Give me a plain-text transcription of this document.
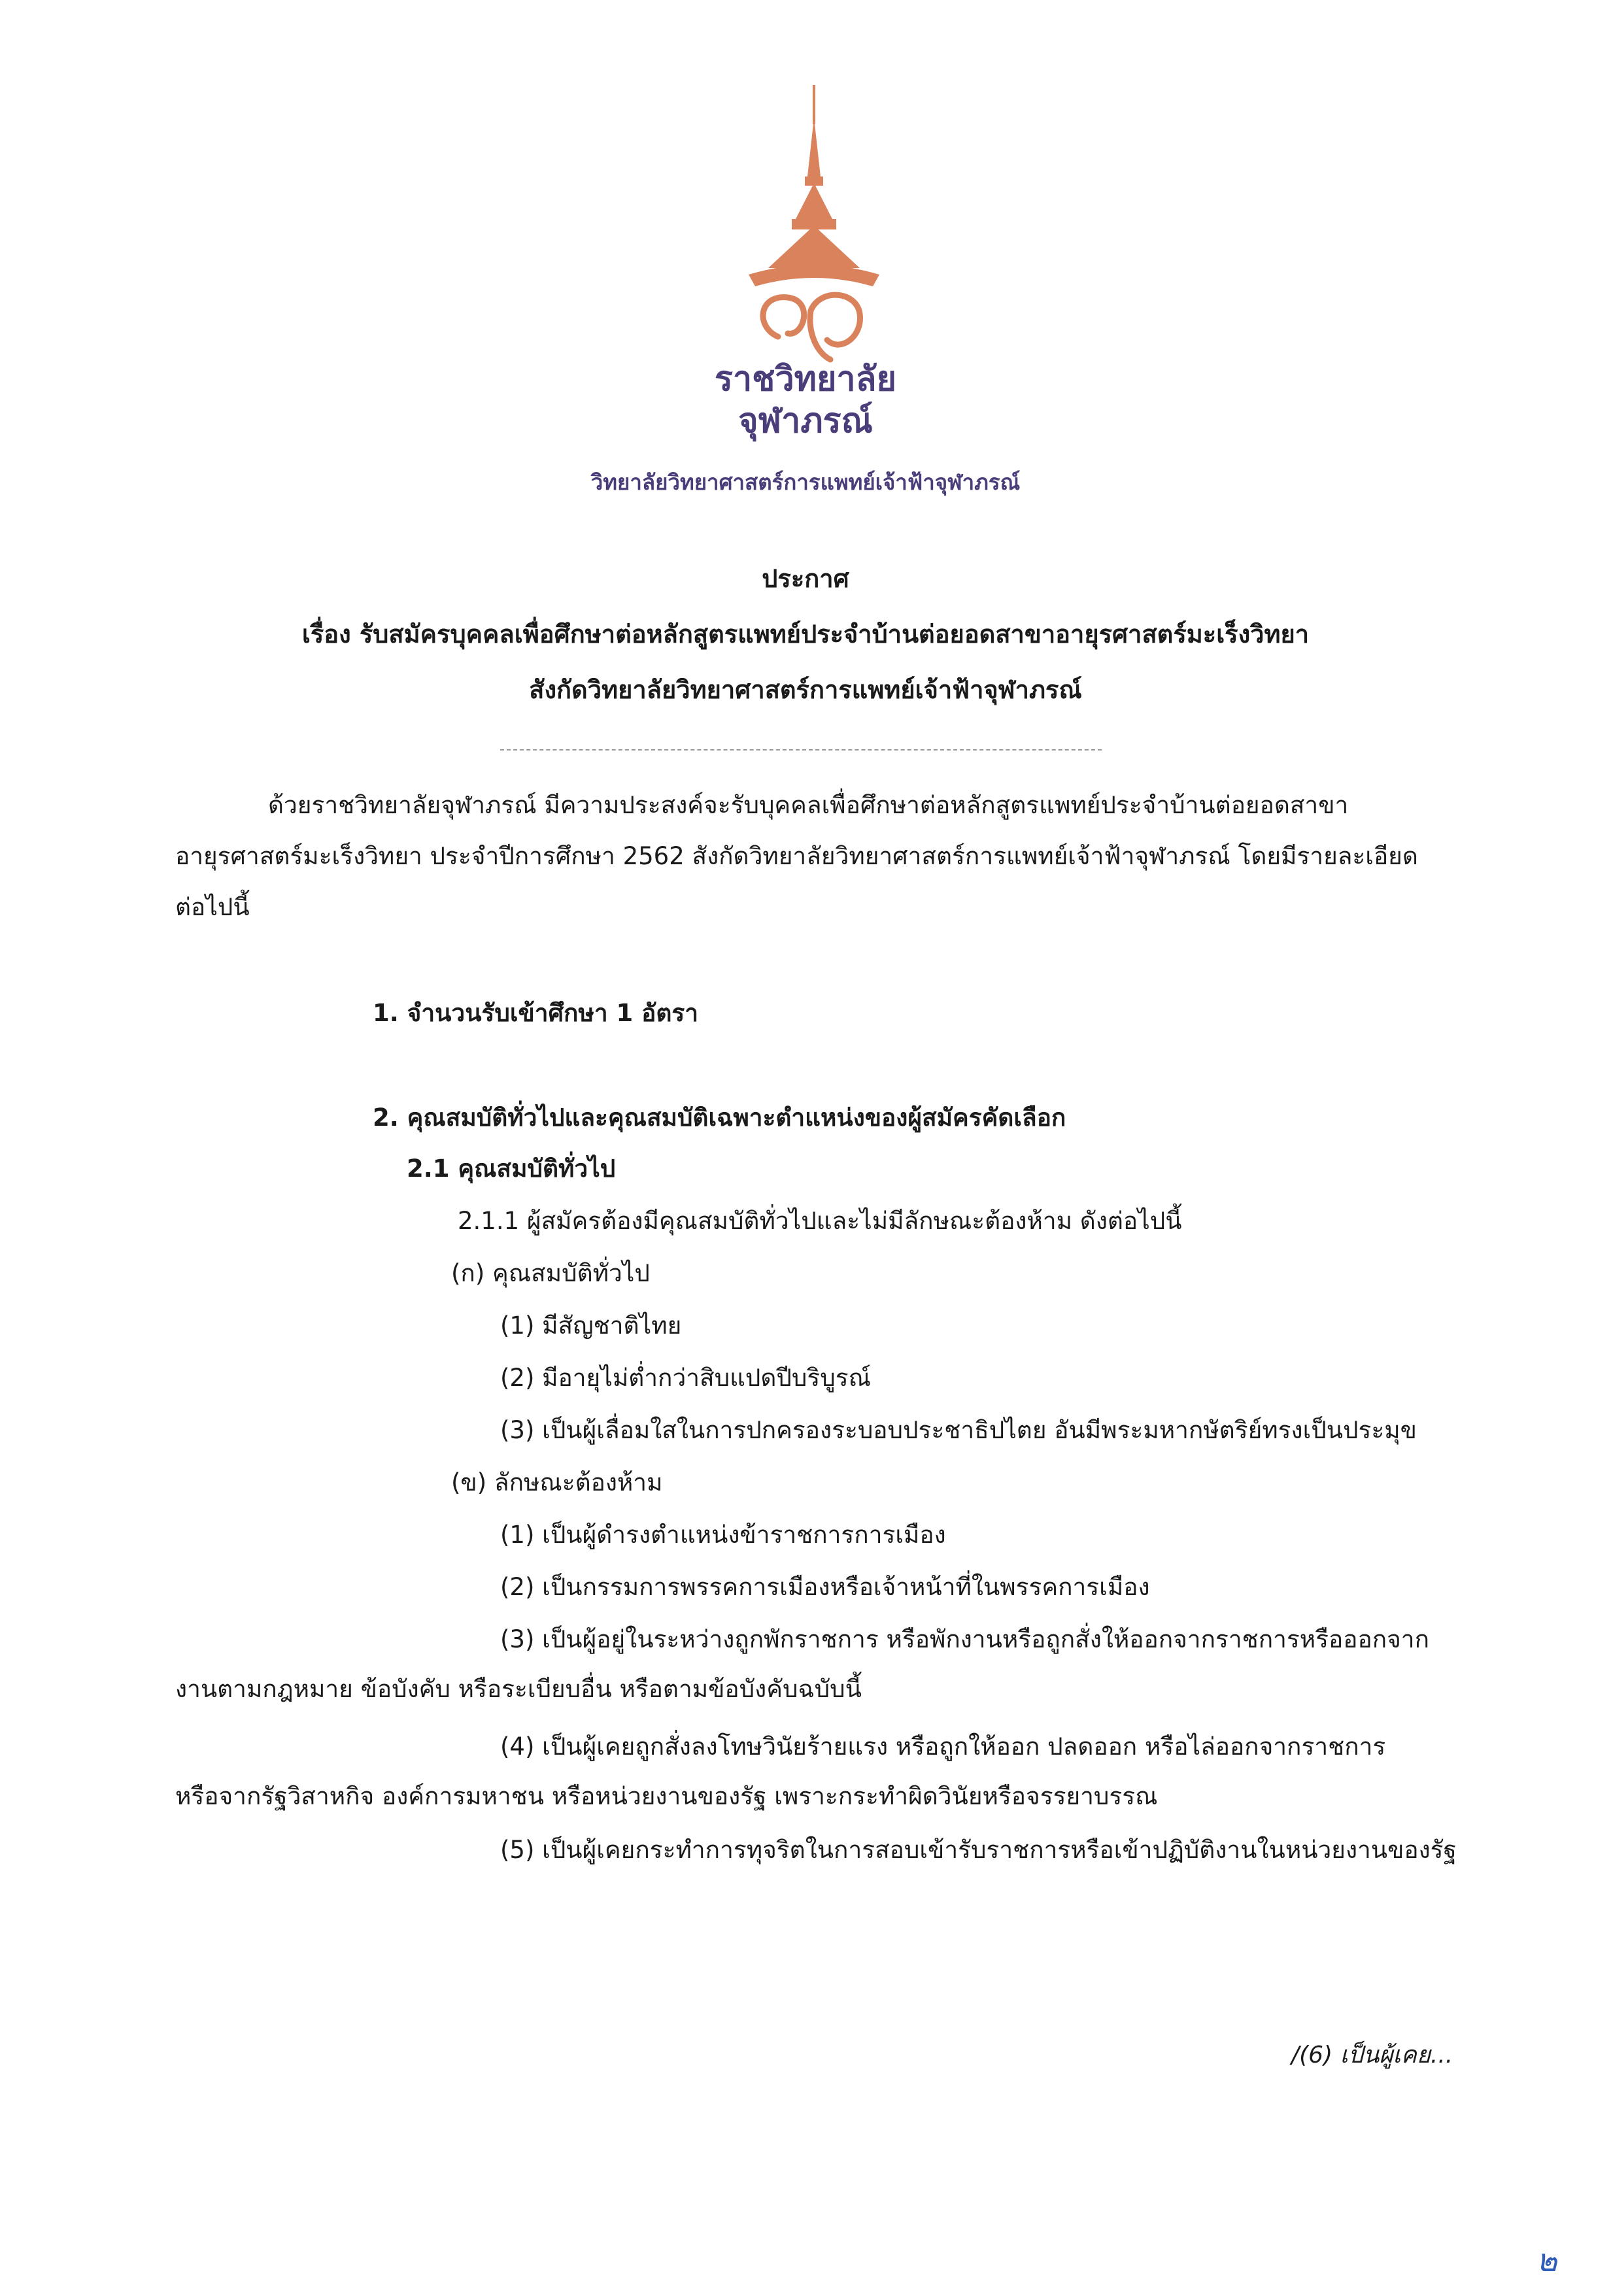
ราชวิทยาลัย
จุฬาภรณ์
วิทยาลัยวิทยาศาสตร์การแพทย์เจ้าฟ้าจุฬาภรณ์
ประกาศ
เรื่อง รับสมัครบุคคลเพื่อศึกษาต่อหลักสูตรแพทย์ประจำบ้านต่อยอดสาขาอายุรศาสตร์มะเร็งวิทยา
สังกัดวิทยาลัยวิทยาศาสตร์การแพทย์เจ้าฟ้าจุฬาภรณ์
ด้วยราชวิทยาลัยจุฬาภรณ์ มีความประสงค์จะรับบุคคลเพื่อศึกษาต่อหลักสูตรแพทย์ประจำบ้านต่อยอดสาขา
อายุรศาสตร์มะเร็งวิทยา ประจำปีการศึกษา 2562 สังกัดวิทยาลัยวิทยาศาสตร์การแพทย์เจ้าฟ้าจุฬาภรณ์ โดยมีรายละเอียด
ต่อไปนี้
1. จำนวนรับเข้าศึกษา 1 อัตรา
2. คุณสมบัติทั่วไปและคุณสมบัติเฉพาะตำแหน่งของผู้สมัครคัดเลือก
2.1 คุณสมบัติทั่วไป
2.1.1 ผู้สมัครต้องมีคุณสมบัติทั่วไปและไม่มีลักษณะต้องห้าม ดังต่อไปนี้
(ก) คุณสมบัติทั่วไป
(1) มีสัญชาติไทย
(2) มีอายุไม่ต่ำกว่าสิบแปดปีบริบูรณ์
(3) เป็นผู้เลื่อมใสในการปกครองระบอบประชาธิปไตย อันมีพระมหากษัตริย์ทรงเป็นประมุข
(ข) ลักษณะต้องห้าม
(1) เป็นผู้ดำรงตำแหน่งข้าราชการการเมือง
(2) เป็นกรรมการพรรคการเมืองหรือเจ้าหน้าที่ในพรรคการเมือง
(3) เป็นผู้อยู่ในระหว่างถูกพักราชการ หรือพักงานหรือถูกสั่งให้ออกจากราชการหรือออกจาก
งานตามกฎหมาย ข้อบังคับ หรือระเบียบอื่น หรือตามข้อบังคับฉบับนี้
(4) เป็นผู้เคยถูกสั่งลงโทษวินัยร้ายแรง หรือถูกให้ออก ปลดออก หรือไล่ออกจากราชการ
หรือจากรัฐวิสาหกิจ องค์การมหาชน หรือหน่วยงานของรัฐ เพราะกระทำผิดวินัยหรือจรรยาบรรณ
(5) เป็นผู้เคยกระทำการทุจริตในการสอบเข้ารับราชการหรือเข้าปฏิบัติงานในหน่วยงานของรัฐ
/(6) เป็นผู้เคย...
๒
